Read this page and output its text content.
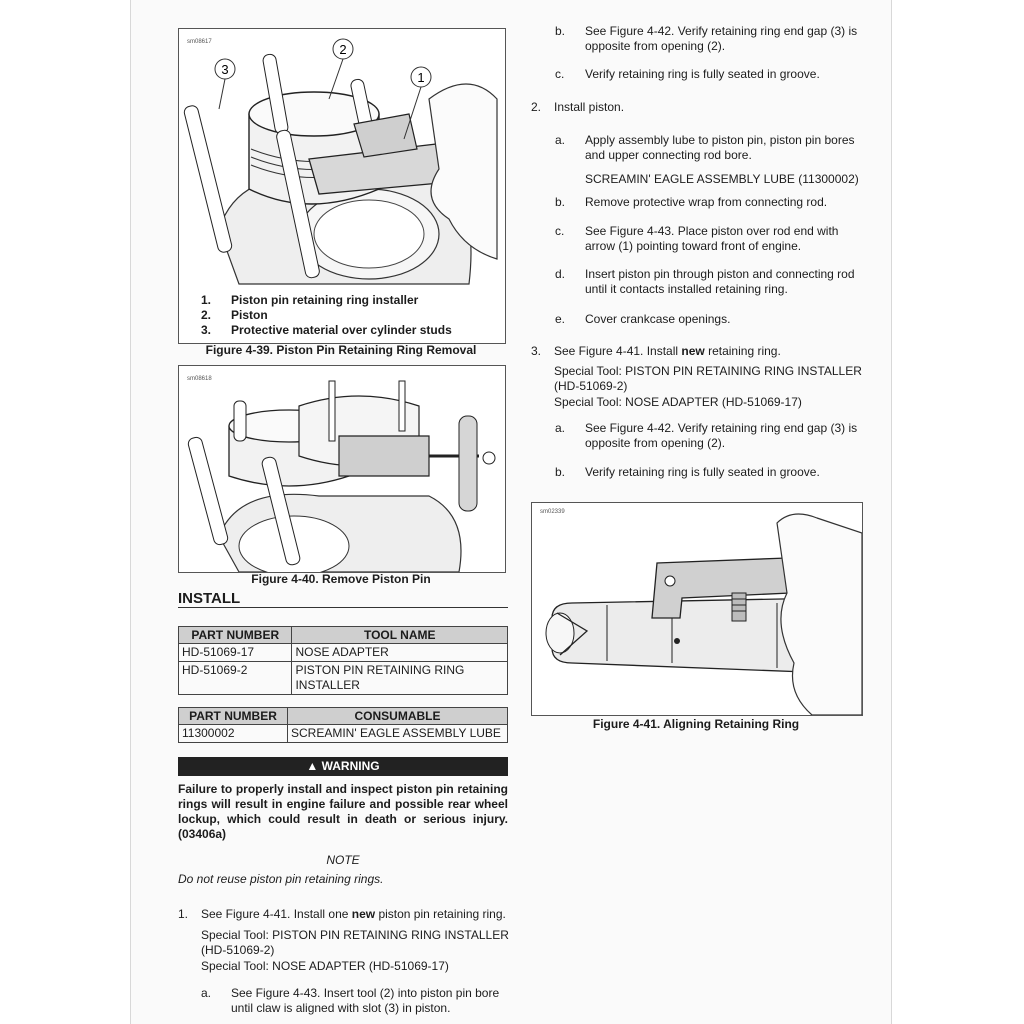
sm08617
3
2
1
1.	Piston pin retaining ring installer
2.	Piston
3.	Protective material over cylinder studs
Figure 4-39. Piston Pin Retaining Ring Removal
sm08618
Figure 4-40. Remove Piston Pin
INSTALL
PART NUMBER	TOOL NAME
HD-51069-17	NOSE ADAPTER
HD-51069-2	PISTON PIN RETAINING RING INSTALLER
PART NUMBER	CONSUMABLE
11300002	SCREAMIN' EAGLE ASSEMBLY LUBE
▲ WARNING
Failure to properly install and inspect piston pin retaining rings will result in engine failure and possible rear wheel lockup, which could result in death or serious injury. (03406a)
NOTE
Do not reuse piston pin retaining rings.
1. See Figure 4-41. Install one new piston pin retaining ring.
Special Tool: PISTON PIN RETAINING RING INSTALLER (HD-51069-2)
Special Tool: NOSE ADAPTER (HD-51069-17)
a. See Figure 4-43. Insert tool (2) into piston pin bore until claw is aligned with slot (3) in piston.
b. See Figure 4-42. Verify retaining ring end gap (3) is opposite from opening (2).
c. Verify retaining ring is fully seated in groove.
2. Install piston.
a. Apply assembly lube to piston pin, piston pin bores and upper connecting rod bore.
SCREAMIN' EAGLE ASSEMBLY LUBE (11300002)
b. Remove protective wrap from connecting rod.
c. See Figure 4-43. Place piston over rod end with arrow (1) pointing toward front of engine.
d. Insert piston pin through piston and connecting rod until it contacts installed retaining ring.
e. Cover crankcase openings.
3. See Figure 4-41. Install new retaining ring.
Special Tool: PISTON PIN RETAINING RING INSTALLER (HD-51069-2)
Special Tool: NOSE ADAPTER (HD-51069-17)
a. See Figure 4-42. Verify retaining ring end gap (3) is opposite from opening (2).
b. Verify retaining ring is fully seated in groove.
sm02339
Figure 4-41. Aligning Retaining Ring
